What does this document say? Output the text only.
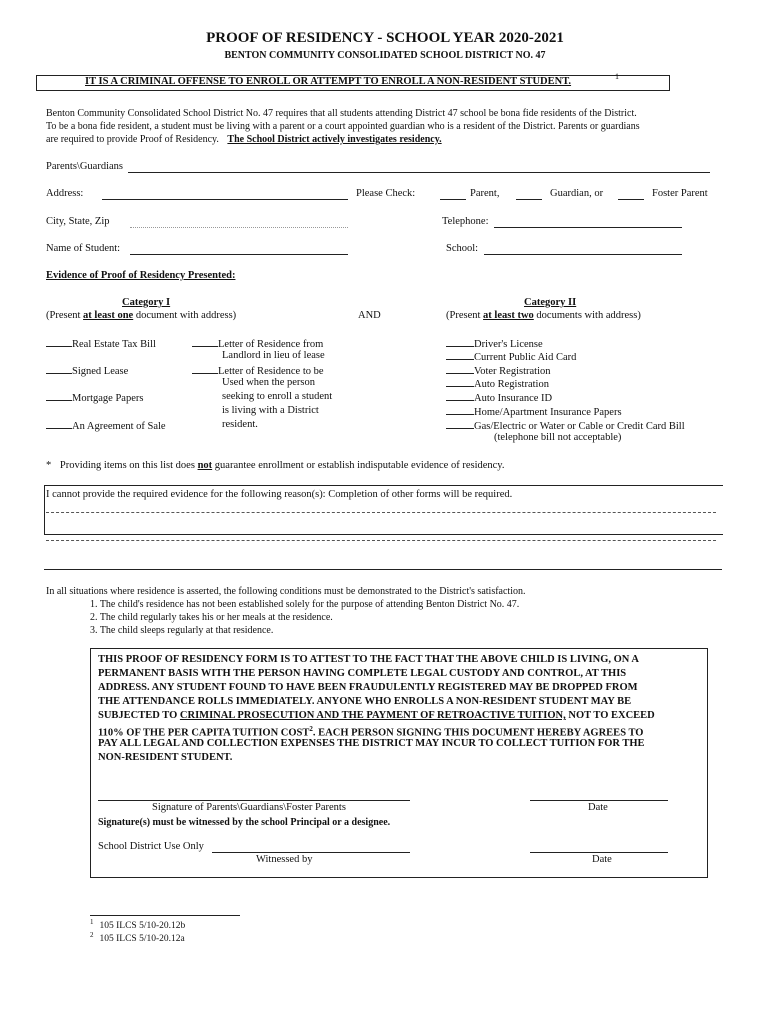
PROOF OF RESIDENCY - SCHOOL YEAR 2020-2021
BENTON COMMUNITY CONSOLIDATED SCHOOL DISTRICT NO. 47
IT IS A CRIMINAL OFFENSE TO ENROLL OR ATTEMPT TO ENROLL A NON-RESIDENT STUDENT.	1
Benton Community Consolidated School District No. 47 requires that all students attending District 47 school be bona fide residents of the District.
To be a bona fide resident, a student must be living with a parent or a court appointed guardian who is a resident of the District. Parents or guardians
are required to provide Proof of Residency. The School District actively investigates residency.
Parents\Guardians
Address:	Please Check:	Parent,	Guardian, or	Foster Parent
City, State, Zip	Telephone:
Name of Student:	School:
Evidence of Proof of Residency Presented:
Category I
(Present at least one document with address)	AND
Category II
(Present at least two documents with address)
Real Estate Tax Bill
Signed Lease
Mortgage Papers
An Agreement of Sale
Letter of Residence from
Landlord in lieu of lease
Letter of Residence to be
Used when the person
seeking to enroll a student
is living with a District
resident.
Driver's License
Current Public Aid Card
Voter Registration
Auto Registration
Auto Insurance ID
Home/Apartment Insurance Papers
Gas/Electric or Water or Cable or Credit Card Bill
(telephone bill not acceptable)
* Providing items on this list does not guarantee enrollment or establish indisputable evidence of residency.
I cannot provide the required evidence for the following reason(s): Completion of other forms will be required.
In all situations where residence is asserted, the following conditions must be demonstrated to the District's satisfaction.
1. The child's residence has not been established solely for the purpose of attending Benton District No. 47.
2. The child regularly takes his or her meals at the residence.
3. The child sleeps regularly at that residence.
THIS PROOF OF RESIDENCY FORM IS TO ATTEST TO THE FACT THAT THE ABOVE CHILD IS LIVING, ON A
PERMANENT BASIS WITH THE PERSON HAVING COMPLETE LEGAL CUSTODY AND CONTROL, AT THIS
ADDRESS. ANY STUDENT FOUND TO HAVE BEEN FRAUDULENTLY REGISTERED MAY BE DROPPED FROM
THE ATTENDANCE ROLLS IMMEDIATELY. ANYONE WHO ENROLLS A NON-RESIDENT STUDENT MAY BE
SUBJECTED TO CRIMINAL PROSECUTION AND THE PAYMENT OF RETROACTIVE TUITION, NOT TO EXCEED
110% OF THE PER CAPITA TUITION COST$^2$. EACH PERSON SIGNING THIS DOCUMENT HEREBY AGREES TO
PAY ALL LEGAL AND COLLECTION EXPENSES THE DISTRICT MAY INCUR TO COLLECT TUITION FOR THE
NON-RESIDENT STUDENT.
Signature of Parents\Guardians\Foster Parents	Date
Signature(s) must be witnessed by the school Principal or a designee.
School District Use Only
Witnessed by	Date
$^1$ 105 ILCS 5/10-20.12b
$^2$ 105 ILCS 5/10-20.12a
